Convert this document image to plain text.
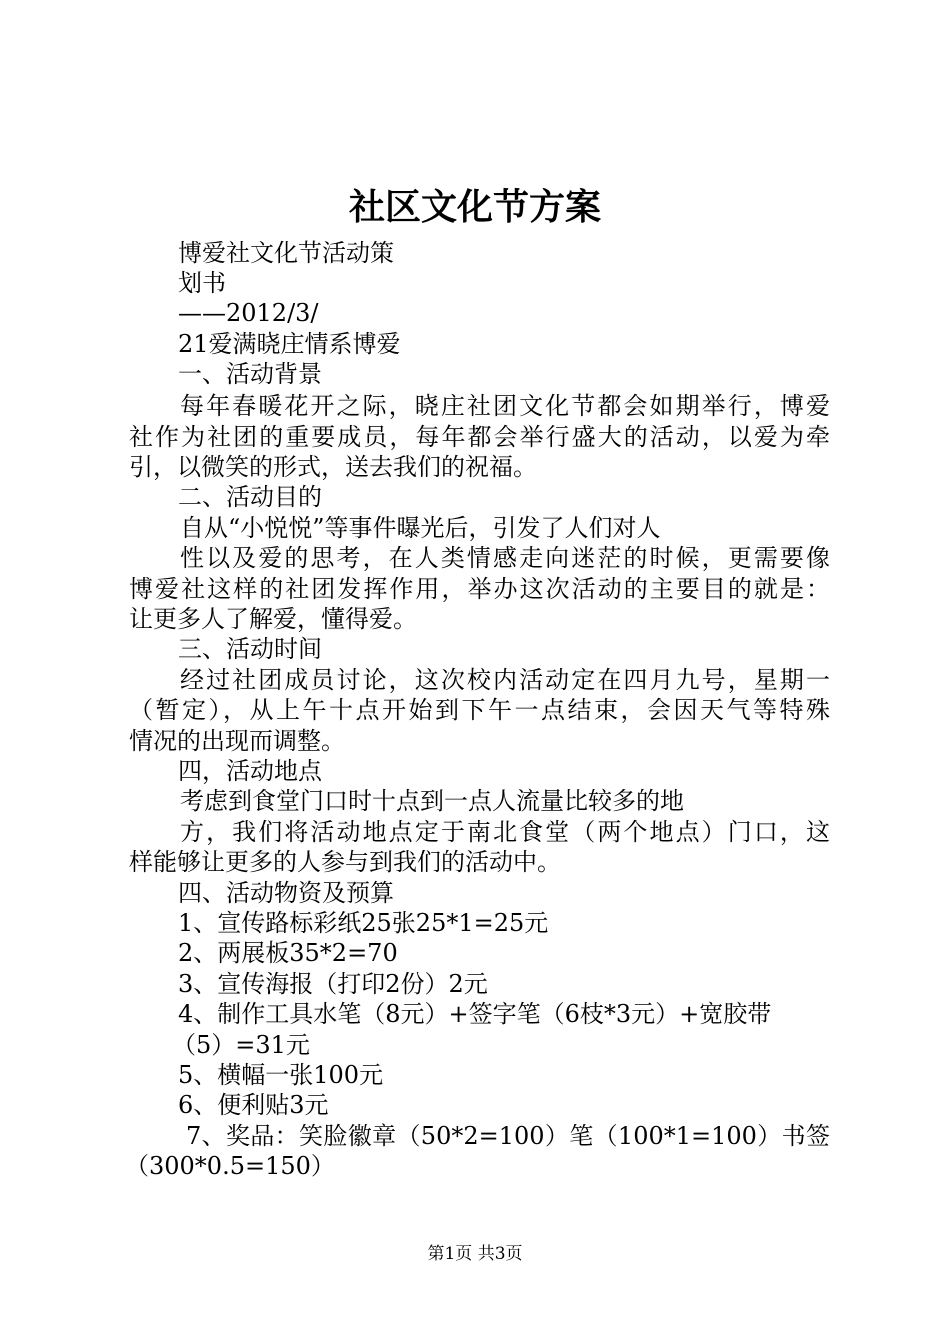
社区文化节方案

博爱社文化节活动策

划书

——2012/3/

21爱满晓庄情系博爱

一、活动背景

每年春暖花开之际，晓庄社团文化节都会如期举行，博爱

社作为社团的重要成员，每年都会举行盛大的活动，以爱为牵

引，以微笑的形式，送去我们的祝福。

二、活动目的

自从“小悦悦”等事件曝光后，引发了人们对人

性以及爱的思考，在人类情感走向迷茫的时候，更需要像

博爱社这样的社团发挥作用，举办这次活动的主要目的就是：

让更多人了解爱，懂得爱。

三、活动时间

经过社团成员讨论，这次校内活动定在四月九号，星期一

（暂定），从上午十点开始到下午一点结束，会因天气等特殊

情况的出现而调整。

四，活动地点

考虑到食堂门口时十点到一点人流量比较多的地

方，我们将活动地点定于南北食堂（两个地点）门口，这

样能够让更多的人参与到我们的活动中。

四、活动物资及预算

1、宣传路标彩纸25张25*1=25元

2、两展板35*2=70

3、宣传海报（打印2份）2元

4、制作工具水笔（8元）+签字笔（6枝*3元）+宽胶带

（5）=31元

5、横幅一张100元

6、便利贴3元

7、奖品：笑脸徽章（50*2=100）笔（100*1=100）书签

（300*0.5=150）

第1页 共3页
